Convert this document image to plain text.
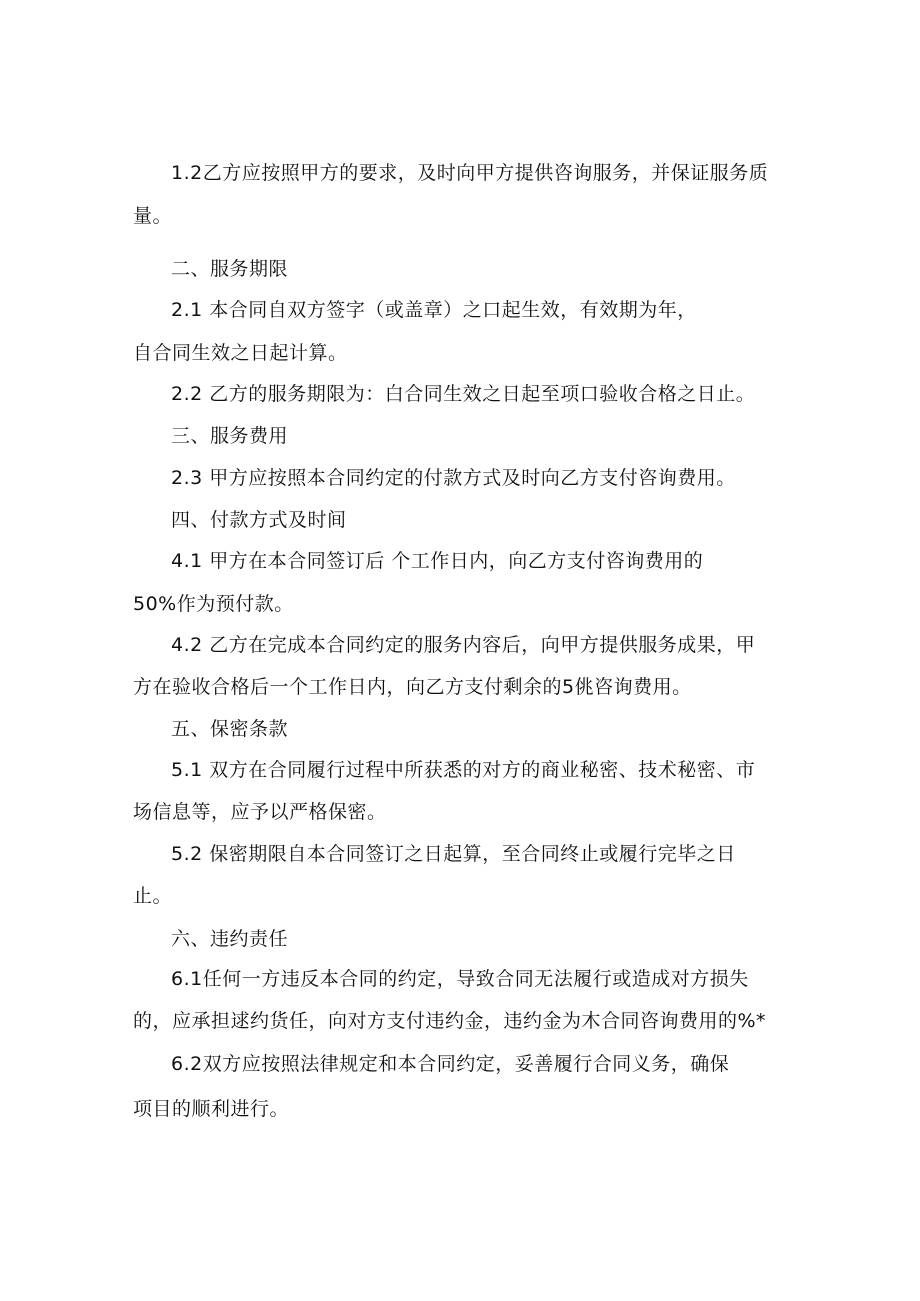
1.2乙方应按照甲方的要求，及时向甲方提供咨询服务，并保证服务质
量。
二、服务期限
2.1 本合同自双方签字（或盖章）之口起生效，有效期为年，
自合同生效之日起计算。
2.2 乙方的服务期限为：白合同生效之日起至项口验收合格之日止。
三、服务费用
2.3 甲方应按照本合同约定的付款方式及时向乙方支付咨询费用。
四、付款方式及时间
4.1 甲方在本合同签订后 个工作日内，向乙方支付咨询费用的
50%作为预付款。
4.2 乙方在完成本合同约定的服务内容后，向甲方提供服务成果，甲
方在验收合格后一个工作日内，向乙方支付剩余的5佻咨询费用。
五、保密条款
5.1 双方在合同履行过程中所获悉的对方的商业秘密、技术秘密、市
场信息等，应予以严格保密。
5.2 保密期限自本合同签订之日起算，至合同终止或履行完毕之日
止。
六、违约责任
6.1任何一方违反本合同的约定，导致合同无法履行或造成对方损失
的，应承担逑约货任，向对方支付违约金，违约金为木合同咨询费用的%*
6.2双方应按照法律规定和本合同约定，妥善履行合同义务，确保
项目的顺利进行。
